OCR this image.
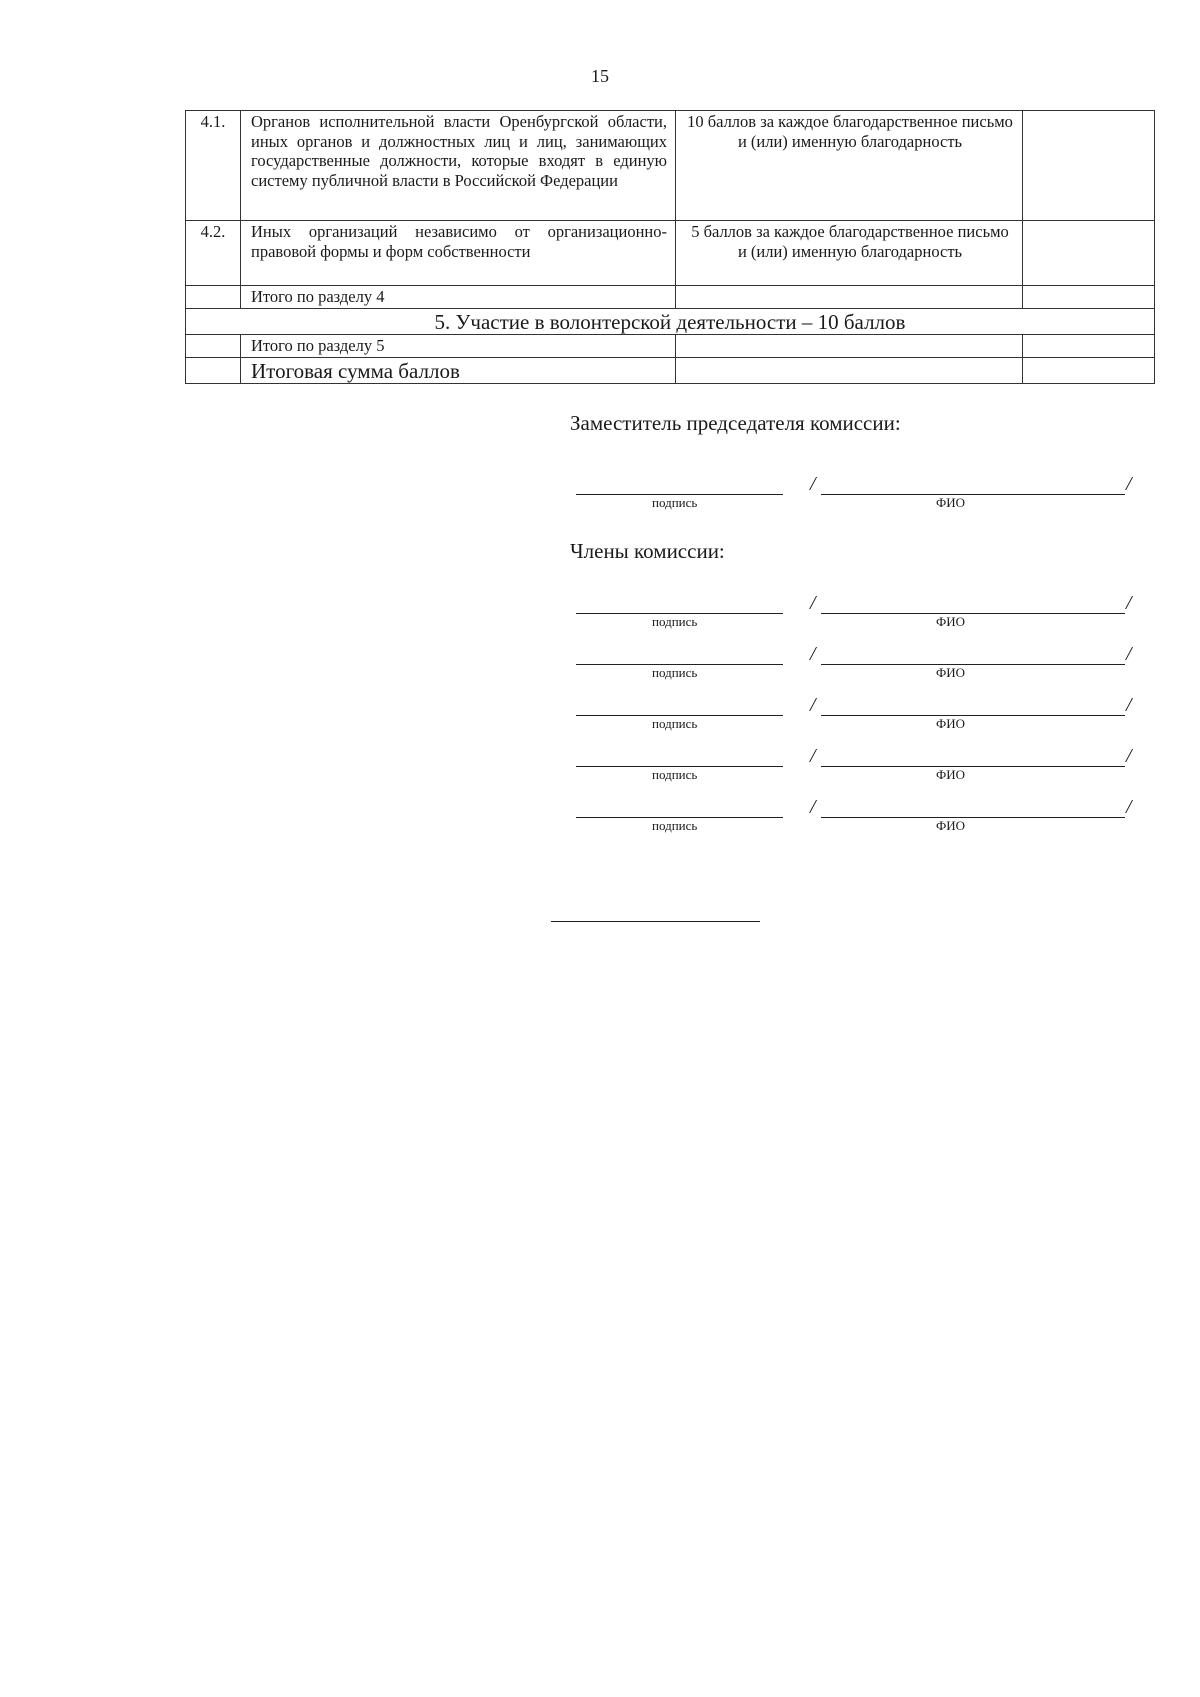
15
4.1.	Органов исполнительной власти Оренбургской области, иных органов и должностных лиц и лиц, занимающих государственные должности, которые входят в единую систему публичной власти в Российской Федерации	10 баллов за каждое благодарственное письмо и (или) именную благодарность	
4.2.	Иных организаций независимо от организационно-правовой формы и форм собственности	5 баллов за каждое благодарственное письмо и (или) именную благодарность	
	Итого по разделу 4		
5. Участие в волонтерской деятельности – 10 баллов			
	Итого по разделу 5		
	Итоговая сумма баллов		

Заместитель председателя комиссии:

/	/
подпись	ФИО

Члены комиссии:

/	/
подпись	ФИО
/	/
подпись	ФИО
/	/
подпись	ФИО
/	/
подпись	ФИО
/	/
подпись	ФИО
